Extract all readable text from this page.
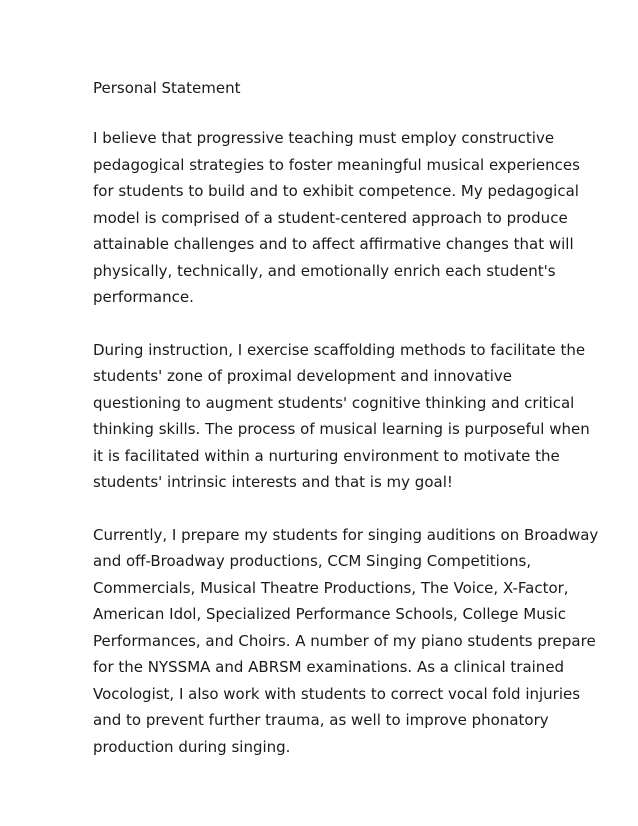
Personal Statement

I believe that progressive teaching must employ constructive
pedagogical strategies to foster meaningful musical experiences
for students to build and to exhibit competence. My pedagogical
model is comprised of a student-centered approach to produce
attainable challenges and to affect affirmative changes that will
physically, technically, and emotionally enrich each student's
performance.

During instruction, I exercise scaffolding methods to facilitate the
students' zone of proximal development and innovative
questioning to augment students' cognitive thinking and critical
thinking skills. The process of musical learning is purposeful when
it is facilitated within a nurturing environment to motivate the
students' intrinsic interests and that is my goal!

Currently, I prepare my students for singing auditions on Broadway
and off-Broadway productions, CCM Singing Competitions,
Commercials, Musical Theatre Productions, The Voice, X-Factor,
American Idol, Specialized Performance Schools, College Music
Performances, and Choirs. A number of my piano students prepare
for the NYSSMA and ABRSM examinations. As a clinical trained
Vocologist, I also work with students to correct vocal fold injuries
and to prevent further trauma, as well to improve phonatory
production during singing.
